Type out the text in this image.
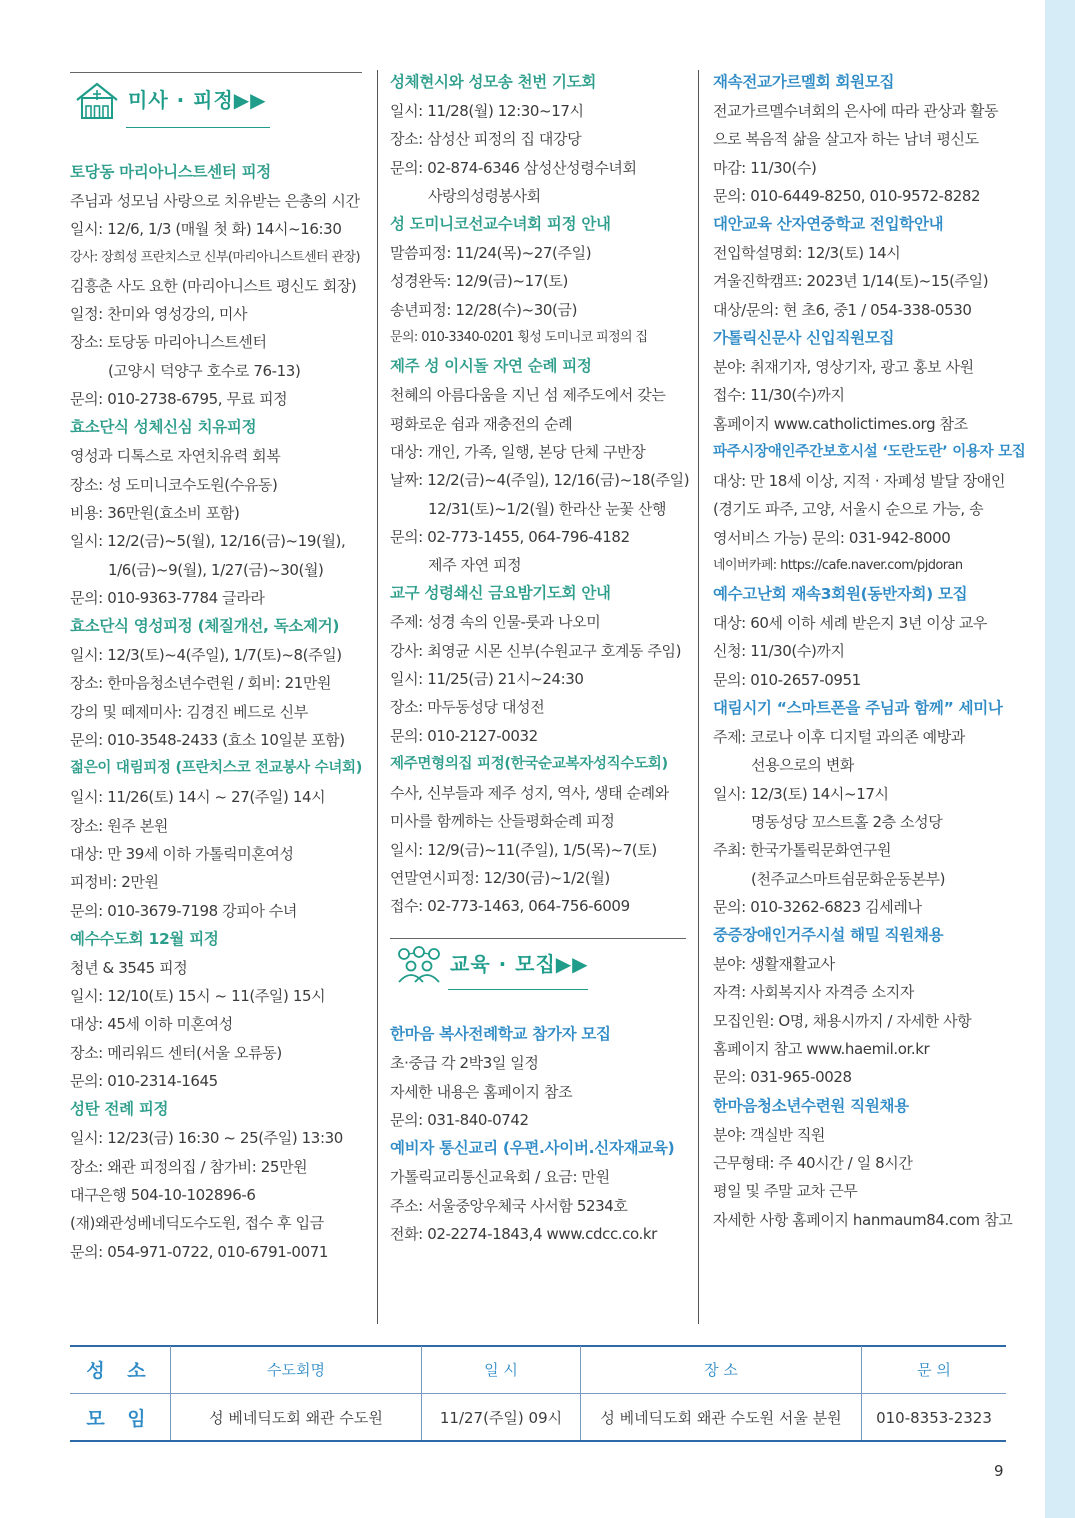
미사 · 피정▶▶
토당동 마리아니스트센터 피정
주님과 성모님 사랑으로 치유받는 은총의 시간
일시: 12/6, 1/3 (매월 첫 화) 14시~16:30
강사: 장희성 프란치스코 신부(마리아니스트센터 관장)
김흥춘 사도 요한 (마리아니스트 평신도 회장)
일정: 찬미와 영성강의, 미사
장소: 토당동 마리아니스트센터
(고양시 덕양구 호수로 76-13)
문의: 010-2738-6795, 무료 피정
효소단식 성체신심 치유피정
영성과 디톡스로 자연치유력 회복
장소: 성 도미니코수도원(수유동)
비용: 36만원(효소비 포함)
일시: 12/2(금)~5(월), 12/16(금)~19(월),
1/6(금)~9(월), 1/27(금)~30(월)
문의: 010-9363-7784 글라라
효소단식 영성피정 (체질개선, 독소제거)
일시: 12/3(토)~4(주일), 1/7(토)~8(주일)
장소: 한마음청소년수련원 / 회비: 21만원
강의 및 떼제미사: 김경진 베드로 신부
문의: 010-3548-2433 (효소 10일분 포함)
젊은이 대림피정 (프란치스코 전교봉사 수녀회)
일시: 11/26(토) 14시 ~ 27(주일) 14시
장소: 원주 본원
대상: 만 39세 이하 가톨릭미혼여성
피정비: 2만원
문의: 010-3679-7198 강피아 수녀
예수수도회 12월 피정
청년 & 3545 피정
일시: 12/10(토) 15시 ~ 11(주일) 15시
대상: 45세 이하 미혼여성
장소: 메리워드 센터(서울 오류동)
문의: 010-2314-1645
성탄 전례 피정
일시: 12/23(금) 16:30 ~ 25(주일) 13:30
장소: 왜관 피정의집 / 참가비: 25만원
대구은행 504-10-102896-6
(재)왜관성베네딕도수도원, 접수 후 입금
문의: 054-971-0722, 010-6791-0071
성체현시와 성모송 천번 기도회
일시: 11/28(월) 12:30~17시
장소: 삼성산 피정의 집 대강당
문의: 02-874-6346 삼성산성령수녀회
사랑의성령봉사회
성 도미니코선교수녀회 피정 안내
말씀피정: 11/24(목)~27(주일)
성경완독: 12/9(금)~17(토)
송년피정: 12/28(수)~30(금)
문의: 010-3340-0201 횡성 도미니코 피정의 집
제주 성 이시돌 자연 순례 피정
천혜의 아름다움을 지닌 섬 제주도에서 갖는
평화로운 쉼과 재충전의 순례
대상: 개인, 가족, 일행, 본당 단체 구반장
날짜: 12/2(금)~4(주일), 12/16(금)~18(주일)
12/31(토)~1/2(월) 한라산 눈꽃 산행
문의: 02-773-1455, 064-796-4182
제주 자연 피정
교구 성령쇄신 금요밤기도회 안내
주제: 성경 속의 인물-룻과 나오미
강사: 최영균 시몬 신부(수원교구 호계동 주임)
일시: 11/25(금) 21시~24:30
장소: 마두동성당 대성전
문의: 010-2127-0032
제주면형의집 피정(한국순교복자성직수도회)
수사, 신부들과 제주 성지, 역사, 생태 순례와
미사를 함께하는 산들평화순례 피정
일시: 12/9(금)~11(주일), 1/5(목)~7(토)
연말연시피정: 12/30(금)~1/2(월)
접수: 02-773-1463, 064-756-6009
교육 · 모집▶▶
한마음 복사전례학교 참가자 모집
초·중급 각 2박3일 일정
자세한 내용은 홈페이지 참조
문의: 031-840-0742
예비자 통신교리 (우편.사이버.신자재교육)
가톨릭교리통신교육회 / 요금: 만원
주소: 서울중앙우체국 사서함 5234호
전화: 02-2274-1843,4 www.cdcc.co.kr
재속전교가르멜회 회원모집
전교가르멜수녀회의 은사에 따라 관상과 활동
으로 복음적 삶을 살고자 하는 남녀 평신도
마감: 11/30(수)
문의: 010-6449-8250, 010-9572-8282
대안교육 산자연중학교 전입학안내
전입학설명회: 12/3(토) 14시
겨울진학캠프: 2023년 1/14(토)~15(주일)
대상/문의: 현 초6, 중1 / 054-338-0530
가톨릭신문사 신입직원모집
분야: 취재기자, 영상기자, 광고 홍보 사원
접수: 11/30(수)까지
홈페이지 www.catholictimes.org 참조
파주시장애인주간보호시설 ‘도란도란’ 이용자 모집
대상: 만 18세 이상, 지적 · 자폐성 발달 장애인
(경기도 파주, 고양, 서울시 순으로 가능, 송
영서비스 가능) 문의: 031-942-8000
네이버카페: https://cafe.naver.com/pjdoran
예수고난회 재속3회원(동반자회) 모집
대상: 60세 이하 세례 받은지 3년 이상 교우
신청: 11/30(수)까지
문의: 010-2657-0951
대림시기 “스마트폰을 주님과 함께” 세미나
주제: 코로나 이후 디지털 과의존 예방과
선용으로의 변화
일시: 12/3(토) 14시~17시
명동성당 꼬스트홀 2층 소성당
주최: 한국가톨릭문화연구원
(천주교스마트쉼문화운동본부)
문의: 010-3262-6823 김세레나
중증장애인거주시설 해밀 직원채용
분야: 생활재활교사
자격: 사회복지사 자격증 소지자
모집인원: O명, 채용시까지 / 자세한 사항
홈페이지 참고 www.haemil.or.kr
문의: 031-965-0028
한마음청소년수련원 직원채용
분야: 객실반 직원
근무형태: 주 40시간 / 일 8시간
평일 및 주말 교차 근무
자세한 사항 홈페이지 hanmaum84.com 참고
성 소	수도회명	일 시	장 소	문 의
모 임	성 베네딕도회 왜관 수도원	11/27(주일) 09시	성 베네딕도회 왜관 수도원 서울 분원	010-8353-2323
9
